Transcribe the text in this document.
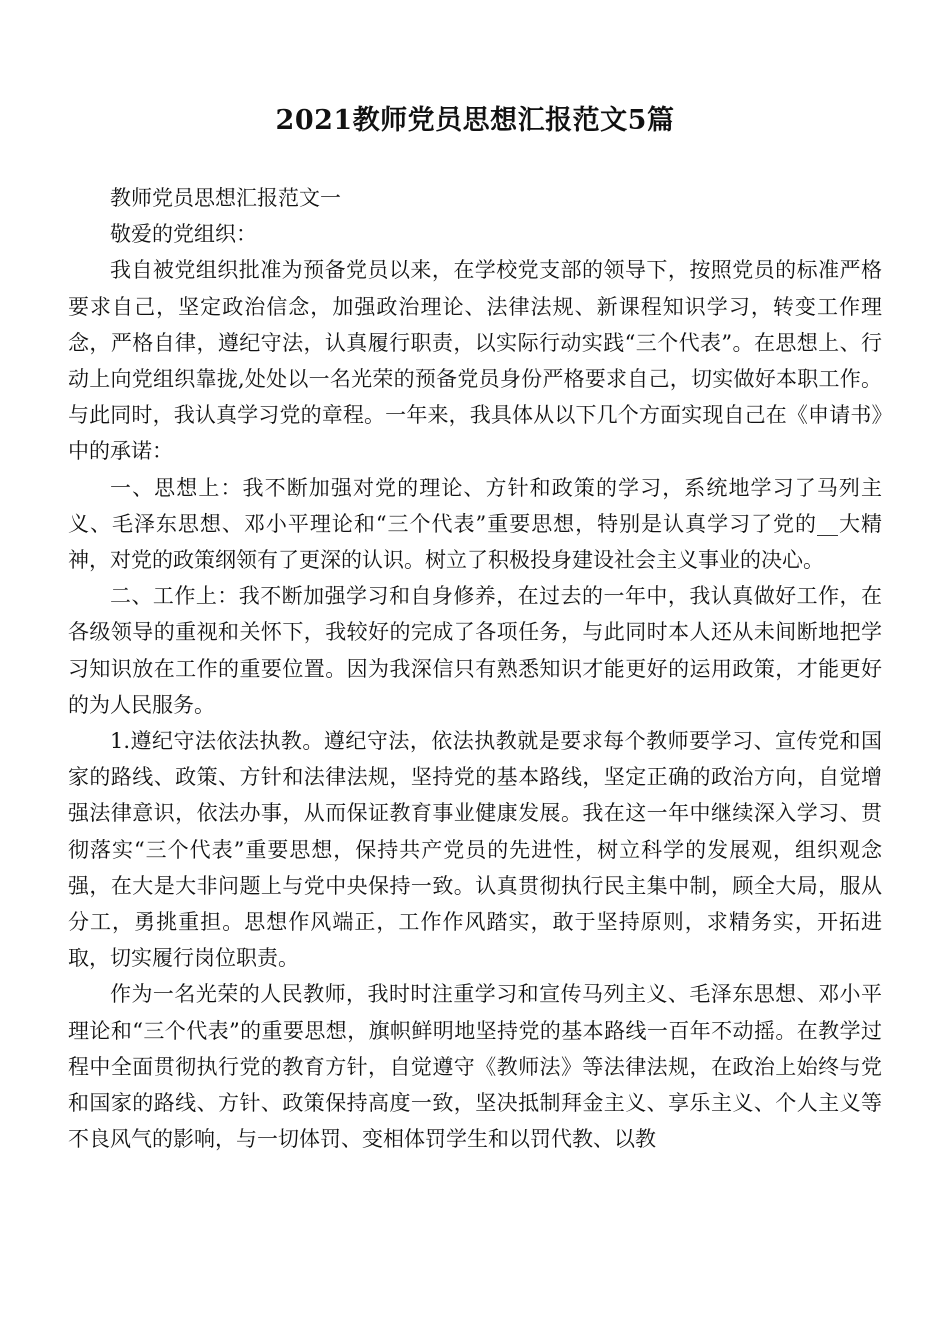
2021教师党员思想汇报范文5篇

教师党员思想汇报范文一

敬爱的党组织：

我自被党组织批准为预备党员以来，在学校党支部的领导下，按照党员的标准严格要求自己，坚定政治信念，加强政治理论、法律法规、新课程知识学习，转变工作理念，严格自律，遵纪守法，认真履行职责，以实际行动实践“三个代表”。在思想上、行动上向党组织靠拢,处处以一名光荣的预备党员身份严格要求自己，切实做好本职工作。与此同时，我认真学习党的章程。一年来，我具体从以下几个方面实现自己在《申请书》中的承诺：

一、思想上：我不断加强对党的理论、方针和政策的学习，系统地学习了马列主义、毛泽东思想、邓小平理论和“三个代表”重要思想，特别是认真学习了党的__大精神，对党的政策纲领有了更深的认识。树立了积极投身建设社会主义事业的决心。

二、工作上：我不断加强学习和自身修养，在过去的一年中，我认真做好工作，在各级领导的重视和关怀下，我较好的完成了各项任务，与此同时本人还从未间断地把学习知识放在工作的重要位置。因为我深信只有熟悉知识才能更好的运用政策，才能更好的为人民服务。

1.遵纪守法依法执教。遵纪守法，依法执教就是要求每个教师要学习、宣传党和国家的路线、政策、方针和法律法规，坚持党的基本路线，坚定正确的政治方向，自觉增强法律意识，依法办事，从而保证教育事业健康发展。我在这一年中继续深入学习、贯彻落实“三个代表”重要思想，保持共产党员的先进性，树立科学的发展观，组织观念强，在大是大非问题上与党中央保持一致。认真贯彻执行民主集中制，顾全大局，服从分工，勇挑重担。思想作风端正，工作作风踏实，敢于坚持原则，求精务实，开拓进取，切实履行岗位职责。

作为一名光荣的人民教师，我时时注重学习和宣传马列主义、毛泽东思想、邓小平理论和“三个代表”的重要思想，旗帜鲜明地坚持党的基本路线一百年不动摇。在教学过程中全面贯彻执行党的教育方针，自觉遵守《教师法》等法律法规，在政治上始终与党和国家的路线、方针、政策保持高度一致，坚决抵制拜金主义、享乐主义、个人主义等不良风气的影响，与一切体罚、变相体罚学生和以罚代教、以教
